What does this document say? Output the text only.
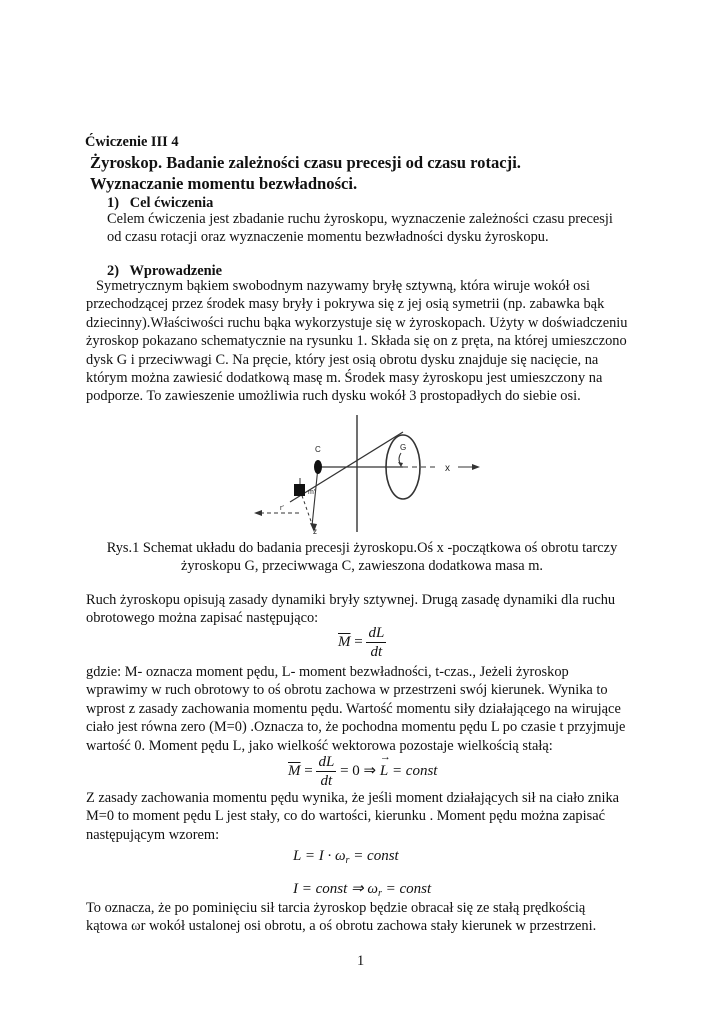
Ćwiczenie III 4
Żyroskop. Badanie zależności czasu precesji od czasu rotacji.
Wyznaczanie momentu bezwładności.
1)   Cel ćwiczenia
Celem ćwiczenia jest zbadanie ruchu żyroskopu, wyznaczenie zależności czasu precesji
od czasu rotacji oraz wyznaczenie momentu bezwładności dysku żyroskopu.
2)   Wprowadzenie
Symetrycznym bąkiem swobodnym nazywamy bryłę sztywną, która wiruje wokół osi
przechodzącej przez środek masy bryły i pokrywa się z jej osią symetrii (np. zabawka bąk
dziecinny).Właściwości ruchu bąka wykorzystuje się w żyroskopach. Użyty w doświadczeniu
żyroskop pokazano schematycznie na rysunku 1. Składa się on z pręta, na której umieszczono
dysk G i przeciwwagi C. Na pręcie, który jest osią obrotu dysku znajduje się nacięcie, na
którym można zawiesić dodatkową masę m. Środek masy żyroskopu jest umieszczony na
podporze. To zawieszenie umożliwia ruch dysku wokół 3 prostopadłych do siebie osi.
C	G
x
m′
r′
z
Rys.1 Schemat układu do badania precesji żyroskopu.Oś x -początkowa oś obrotu tarczy
żyroskopu G, przeciwwaga C, zawieszona dodatkowa masa m.
Ruch żyroskopu opisują zasady dynamiki bryły sztywnej. Drugą zasadę dynamiki dla ruchu
obrotowego można zapisać następująco:
$\overline{M} = \frac{dL}{dt}$
gdzie: M- oznacza moment pędu, L- moment bezwładności, t-czas., Jeżeli żyroskop
wprawimy w ruch obrotowy to oś obrotu zachowa w przestrzeni swój kierunek. Wynika to
wprost z zasady zachowania momentu pędu. Wartość momentu siły działającego na wirujące
ciało jest równa zero (M=0) .Oznacza to, że pochodna momentu pędu L po czasie t przyjmuje
wartość 0. Moment pędu L, jako wielkość wektorowa pozostaje wielkością stałą:
$\overline{M} = \frac{dL}{dt} = 0$ ⇒ L
→
= const
Z zasady zachowania momentu pędu wynika, że jeśli moment działających sił na ciało znika
M=0 to moment pędu L jest stały, co do wartości, kierunku . Moment pędu można zapisać
następującym wzorem:
$L = I \cdot \omega_r$ = const
I = const ⇒ $\omega_r$ = const
To oznacza, że po pominięciu sił tarcia żyroskop będzie obracał się ze stałą prędkością
kątowa ωr wokół ustalonej osi obrotu, a oś obrotu zachowa stały kierunek w przestrzeni.
1
